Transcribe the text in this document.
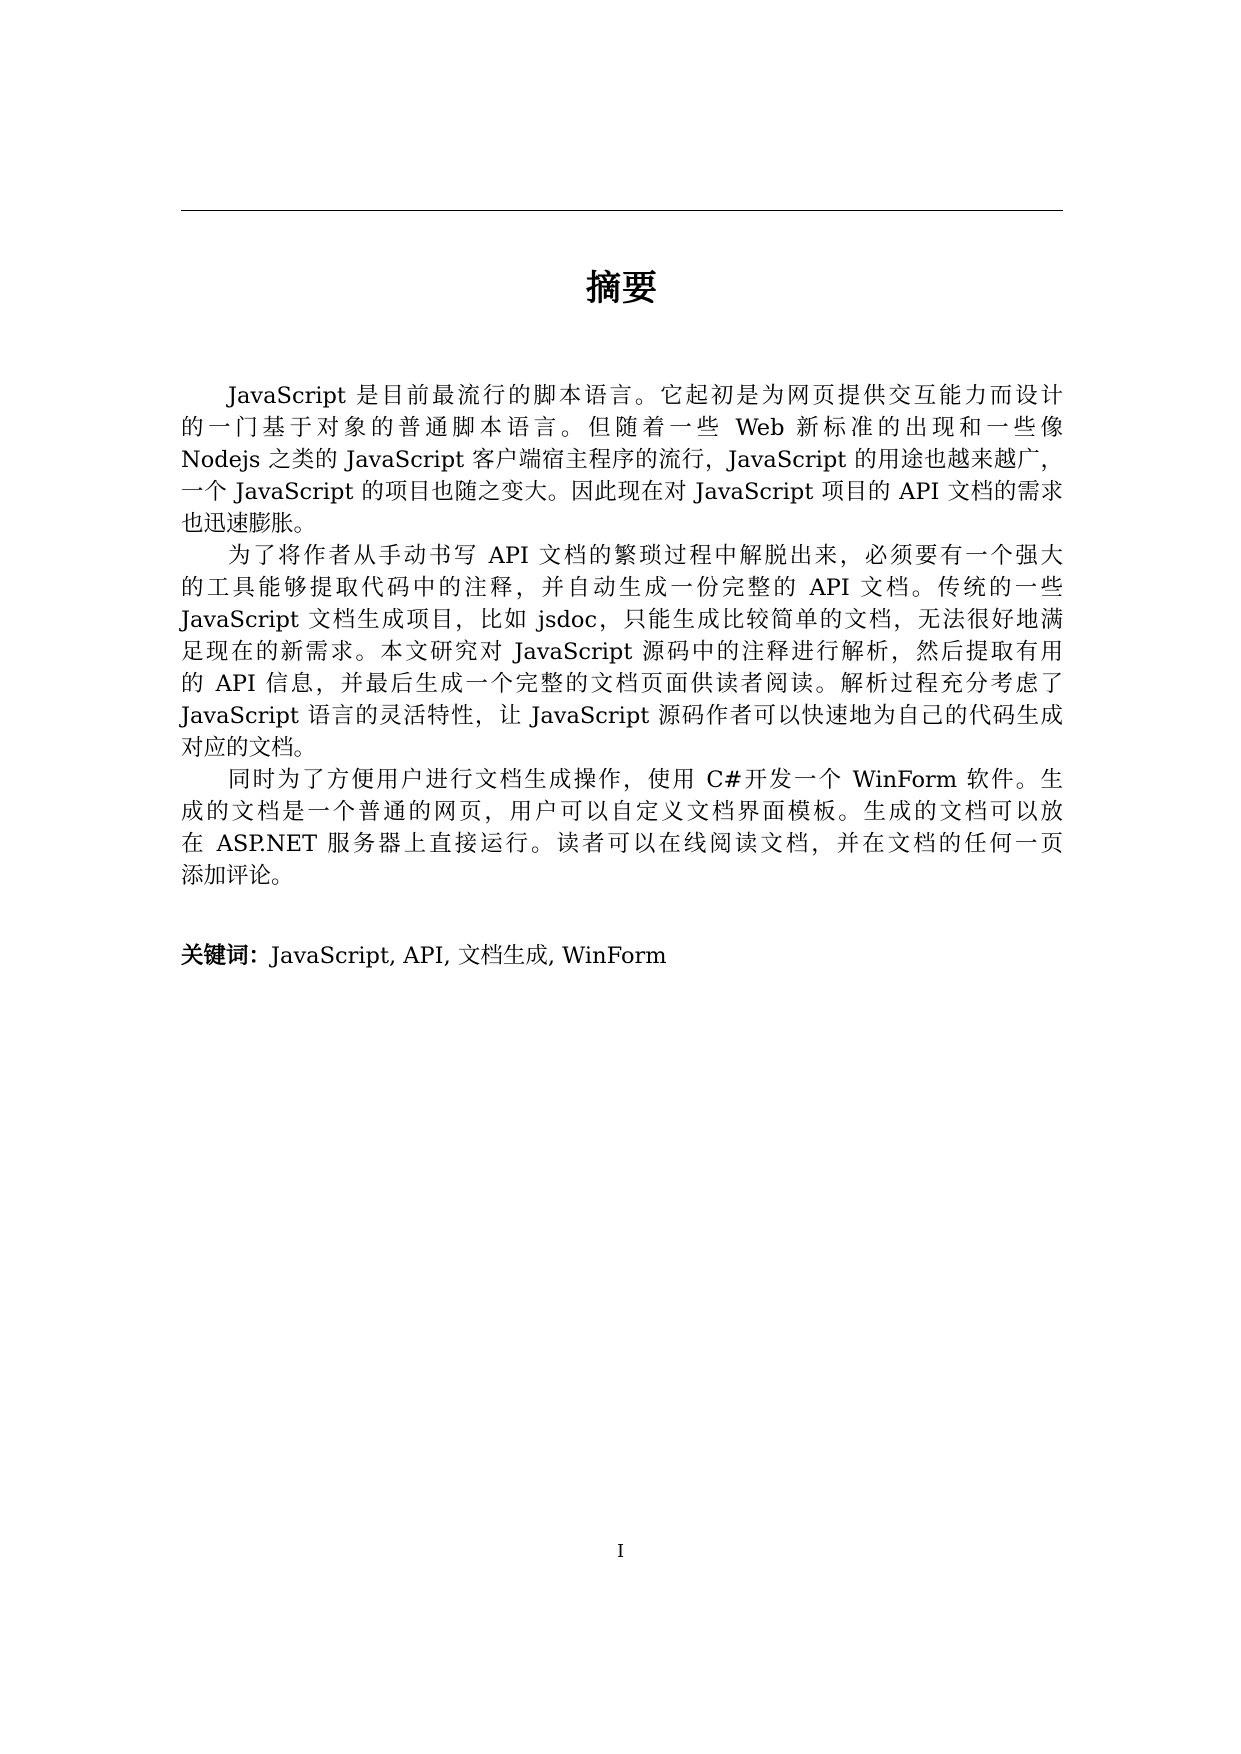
摘要
JavaScript 是目前最流行的脚本语言。它起初是为网页提供交互能力而设计
的一门基于对象的普通脚本语言。但随着一些 Web 新标准的出现和一些像
Nodejs 之类的 JavaScript 客户端宿主程序的流行，JavaScript 的用途也越来越广，
一个 JavaScript 的项目也随之变大。因此现在对 JavaScript 项目的 API 文档的需求
也迅速膨胀。
为了将作者从手动书写 API 文档的繁琐过程中解脱出来，必须要有一个强大
的工具能够提取代码中的注释，并自动生成一份完整的 API 文档。传统的一些
JavaScript 文档生成项目，比如 jsdoc，只能生成比较简单的文档，无法很好地满
足现在的新需求。本文研究对 JavaScript 源码中的注释进行解析，然后提取有用
的 API 信息，并最后生成一个完整的文档页面供读者阅读。解析过程充分考虑了
JavaScript 语言的灵活特性，让 JavaScript 源码作者可以快速地为自己的代码生成
对应的文档。
同时为了方便用户进行文档生成操作，使用 C#开发一个 WinForm 软件。生
成的文档是一个普通的网页，用户可以自定义文档界面模板。生成的文档可以放
在 ASP.NET 服务器上直接运行。读者可以在线阅读文档，并在文档的任何一页
添加评论。
关键词：JavaScript, API, 文档生成, WinForm
I
